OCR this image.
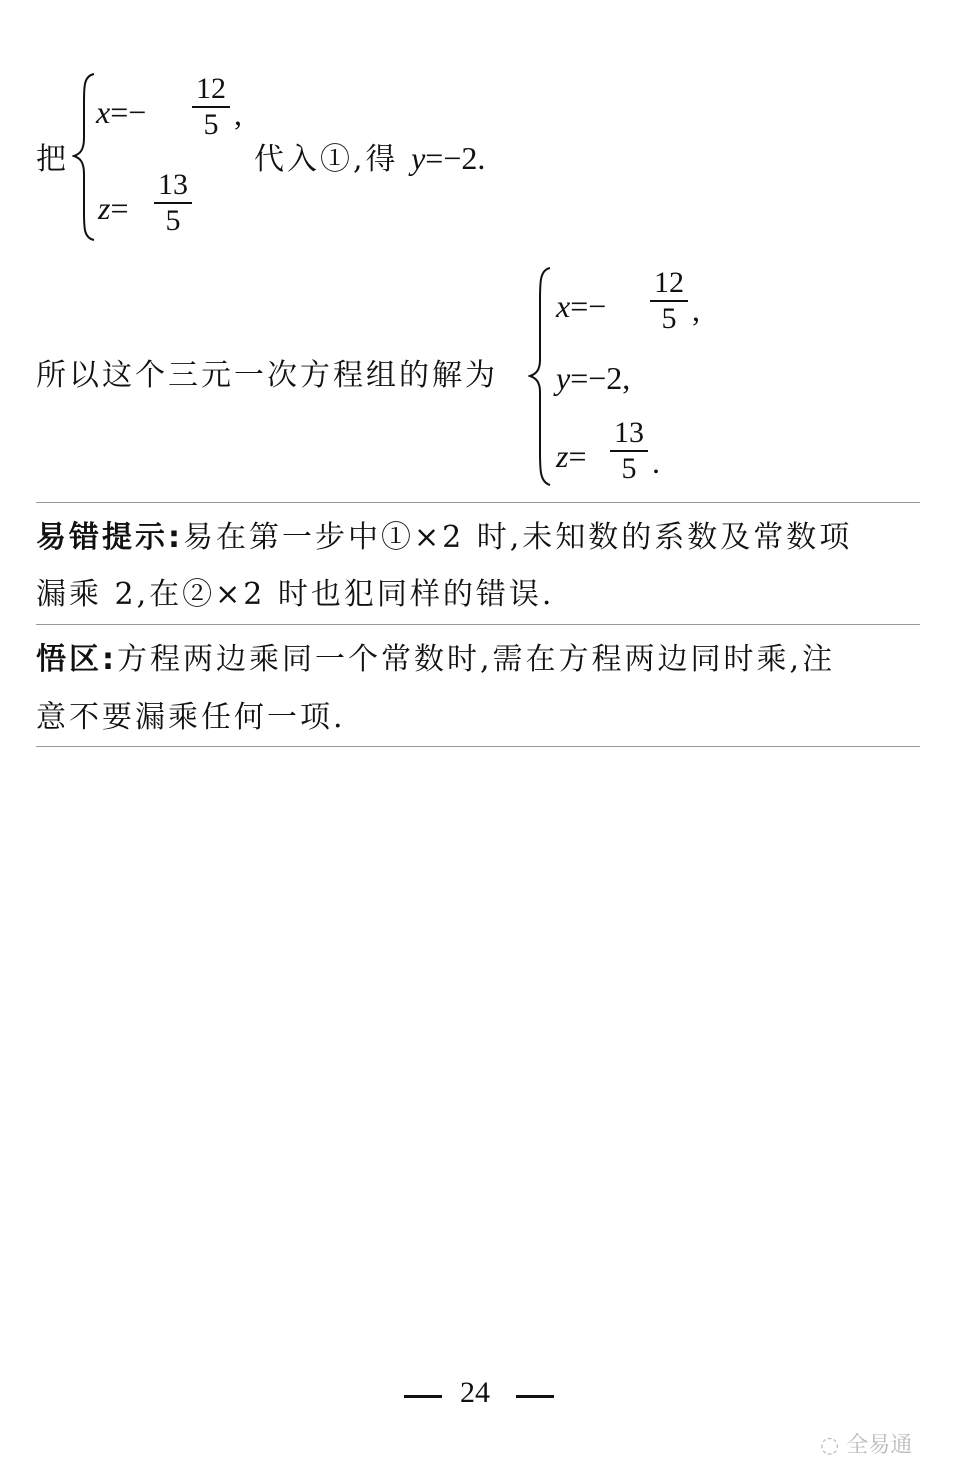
把
x=−
12
5 ,
z=
13
5
代入①,得 y=−2.
所以这个三元一次方程组的解为
x=−
12
5 ,
y=−2,
z=
13
5 .
易错提示:易在第一步中①×2 时,未知数的系数及常数项
漏乘 2,在②×2 时也犯同样的错误.
悟区:方程两边乘同一个常数时,需在方程两边同时乘,注
意不要漏乘任何一项.
24
◌ 全易通
